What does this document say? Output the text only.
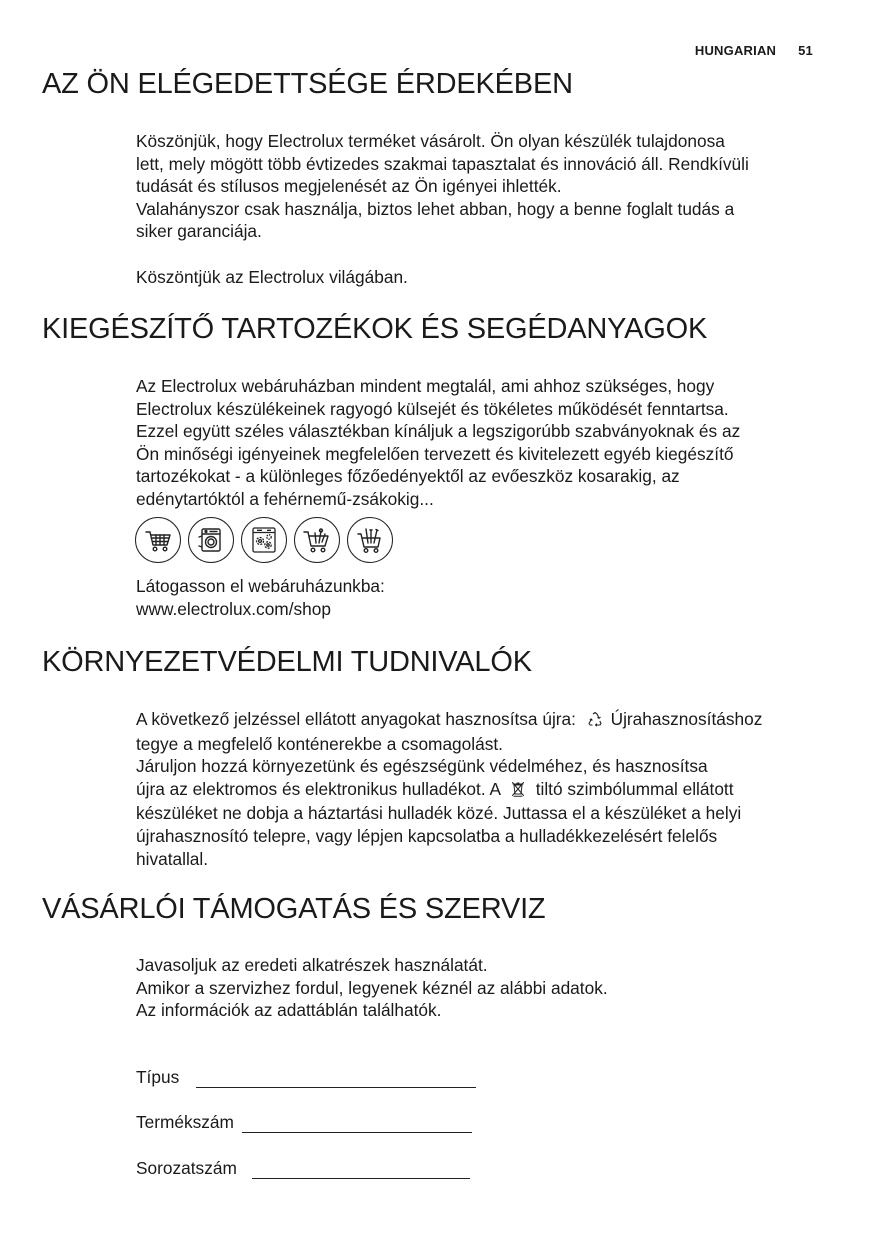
HUNGARIAN 51
AZ ÖN ELÉGEDETTSÉGE ÉRDEKÉBEN

Köszönjük, hogy Electrolux terméket vásárolt. Ön olyan készülék tulajdonosa

lett, mely mögött több évtizedes szakmai tapasztalat és innováció áll. Rendkívüli

tudását és stílusos megjelenését az Ön igényei ihlették.

Valahányszor csak használja, biztos lehet abban, hogy a benne foglalt tudás a

siker garanciája.

Köszöntjük az Electrolux világában.

KIEGÉSZÍTŐ TARTOZÉKOK ÉS SEGÉDANYAGOK

Az Electrolux webáruházban mindent megtalál, ami ahhoz szükséges, hogy

Electrolux készülékeinek ragyogó külsejét és tökéletes működését fenntartsa.

Ezzel együtt széles választékban kínáljuk a legszigorúbb szabványoknak és az

Ön minőségi igényeinek megfelelően tervezett és kivitelezett egyéb kiegészítő

tartozékokat - a különleges főzőedényektől az evőeszköz kosarakig, az

edénytartóktól a fehérnemű-zsákokig...

Látogasson el webáruházunkba:

www.electrolux.com/shop

KÖRNYEZETVÉDELMI TUDNIVALÓK

A következő jelzéssel ellátott anyagokat hasznosítsa újra: Újrahasznosításhoz

tegye a megfelelő konténerekbe a csomagolást.

Járuljon hozzá környezetünk és egészségünk védelméhez, és hasznosítsa

újra az elektromos és elektronikus hulladékot. A tiltó szimbólummal ellátott

készüléket ne dobja a háztartási hulladék közé. Juttassa el a készüléket a helyi

újrahasznosító telepre, vagy lépjen kapcsolatba a hulladékkezelésért felelős

hivatallal.

VÁSÁRLÓI TÁMOGATÁS ÉS SZERVIZ

Javasoljuk az eredeti alkatrészek használatát.

Amikor a szervizhez fordul, legyenek kéznél az alábbi adatok.

Az információk az adattáblán találhatók.

Típus
Termékszám
Sorozatszám
